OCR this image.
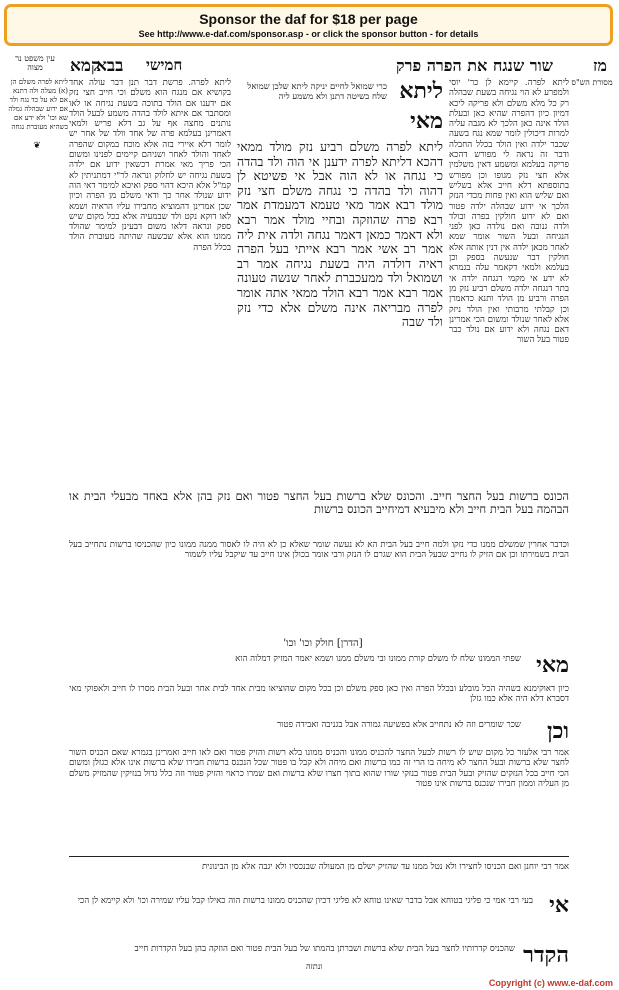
Sponsor the daf for $18 per page
See http://www.e-daf.com/sponsor.asp - or click the sponsor button - for details
מז
שור שנגח את הפרה פרק
חמישי
בבא
קמא
עין משפט נר מצוה
מסורת הש"ס
ליתא לפרה משלם הן (א) מעלה ולה דתנא אם לא על כד נגח ולד אם ידוע שבהלה גמלה שא וכו' ולא ידע אם כשהיא מעוברת נגחה
❦
ליתא
מאי
כרי שמואל לחיים יניקה ליתא שלכן שמואל שלח בשיטה דתנן ולא משמע ליה
ליתא לפרה. קיימא לן כר' יוסי ולמפרע לא הוי נגיחה בשעת שבהלה רק כל מלא משלם ולא פריקה ליכא דמיון כיון דהפרה שהיא כאן ובעלת הולד אינה כאן הלכך לא מגבה עליה למרות דיכולין לומר שמא נגח בשעה שכבר ילדה ואין הולד בכלל החבלה ודבר זה נראה לי מפורש דהכא פריקה בעלמא ומשמע דאין משלמין אלא חצי נזק מגופו וכן מפורש בתוספתא דלא חייב אלא בשליש ואם שליש הוא ואין פחות מכדי הנזק הלכך אי ידוע שבהלה ילדה פטור ואם לא ידוע חולקין בפרה ובולד ולדה גנובה ואם נולדה כאן לפני הנגיחה ובעל השור אומר שמא לאחר מכאן ילדה אין דנין אותה אלא חולקין דבר שנעשה בספק וכן בעלמא ולמאי דקאמר עלה בגמרא לא ידע אי מקמי דנגחה ילדה אי בתר דנגחה ילדה משלם רביע נזק מן הפרה ורביע מן הולד ותנא כדאמרן וכן קבלתי מרבותי ואין הולד ניזק אלא לאחר שנולד ומשום הכי אמרינן דאם נגחה ולא ידוע אם נולד כבר פטור בעל השור
ליתא לפרה משלם רביע נזק מולד ממאי דהכא דליתא לפרה ידענן אי הוה ולד בהדה כי נגחה או לא הוה אבל אי פשיטא לן דהוה ולד בהדה כי נגחה משלם חצי נזק מולד רבא אמר מאי טעמא דמעמדת אמר רבא פרה שהוזקה ובחיי מולד אמר רבא ולא דאמר כמאן דאמר נגחה ולדה אית ליה אמר רב אשי אמר רבא אייתי בעל הפרה ראיה דולדה היה בשעת נגיחה אמר רב ושמואל ולד ממעכברת לאחר שנשה טעונה אמר רבא אמר רבא הולד ממאי אתה אומר לפרה מבריאה אינה משלם אלא כדי נזק ולד שבה
ליתא לפרה. פרשת דבר תנן דבר עולה אחד בקושיא אם מנגח הוא משלם וכי חייב חצי נזק אם ידענו אם הולד בתוכה בשעת נגיחה או לאו ומסתבר אם איתא לולד בהדה משמע לבעל הולד נותנים מחצה אף על גב דלא פריש ולמאי דאמרינן בעלמא פרה של אחד וולד של אחר יש לומר דלא איירי בזה אלא מוכח במקום שהפרה לאחד והולד לאחר ושניהם קיימים לפנינו ומשום הכי פריך מאי אמרת דכשאין ידוע אם ילדה בשעת נגיחה יש לחלוק ונראה לר"י דמתניתין לא קמ"ל אלא היכא דהוי ספק ואיכא למימר דאי הוה ידוע שנולד אחר כך ודאי משלם מן הפרה וכיון שכן אמרינן דהמוציא מחבירו עליו הראיה ושמא לאו דוקא נקט ולד שבמעיה אלא בכל מקום שיש ספק ונראה דלאו משום דבעינן למימר שהולד ממונו הוא אלא שבשעה שהיתה מעוברת הולד בכלל הפרה
הכונס ברשות בעל החצר חייב. והכונס שלא ברשות בעל החצר פטור ואם נזק בהן אלא באחד מבעלי הבית או הבהמה בעל הבית חייב ולא מיבעיא דמיחייב הכונס ברשות
וכדבר אחרין שמשלם ממנו כדי נזקו ולמה חייב בעל הבית הא לא נעשה שומר שאלא כן לא היה לו לאסור ממנה ממונו כיון שהכניסו ברשות נתחייב בעל הבית בשמירתו וכן אם הזיק לו נחייב שבעל הבית הוא שגרם לו הנזק ורבי אומר בכולן אינו חייב עד שיקבל עליו לשמור
[הדרן] חולק וכו' וכו'
מאי
שפתי הממונו שלח לו משלם קורת ממונו ובי משלם ממנו ושמא יאמר המזיק דמלוה הוא
כיון דאוקימנא בשהיה הכל מובלע ובכלל הפרה ואין כאן ספק משלם וכן בכל מקום שהוציאו מבית אחד לבית אחר ובעל הבית מסרו לו חייב ולאפוקי מאי דסברא דלא היה אלא כמו גזלן
וכן
שכר שומרים וזה לא נתחייב אלא בפשיעה גמורה אבל בגניבה ואבידה פטור
אמר רבי אלעזר כל מקום שיש לו רשות לבעל החצר להכניס ממונו והכניס ממונו בלא רשות והזיק פטור ואם לאו חייב ואמרינן בגמרא שאם הכניס השור לחצר שלא ברשות ובעל החצר לא מיחה בו הרי זה כמו ברשות ואם מיחה ולא קבל בו פטור שכל הנכנס ברשות חבירו שלא ברשות אינו אלא כגזלן ומשום הכי חייב בכל הנזקים שהזיק ובעל הבית פטור בנזקי שורו שהוא בתוך חצרו שלא ברשות ואם שמרו כראוי והזיק פטור וזה כלל גדול בנזיקין שהמזיק משלם מן העליה וממון חבירו שנכנס ברשות אינו פטור
אמר רבי יוחנן ואם הכניסו לחצירו ולא נטל ממנו עד שהזיק ישלם מן המעולה שבנכסיו ולא יגבה אלא מן הבינונית
אי
בעי רבי אמי כי פליגי בטוחא אבל בדבר שאינו טוחא לא פליגי דכיון שהכניס ממונו ברשות הוה כאילו קבל עליו שמירה וכו' ולא קיימא לן הכי
הקדר
שהכניס קדרותיו לחצר בעל הבית שלא ברשות ושברתן בהמתו של בעל הבית פטור ואם הוזקה בהן בעל הקדרות חייב
ונתזה
Copyright (c) www.e-daf.com
